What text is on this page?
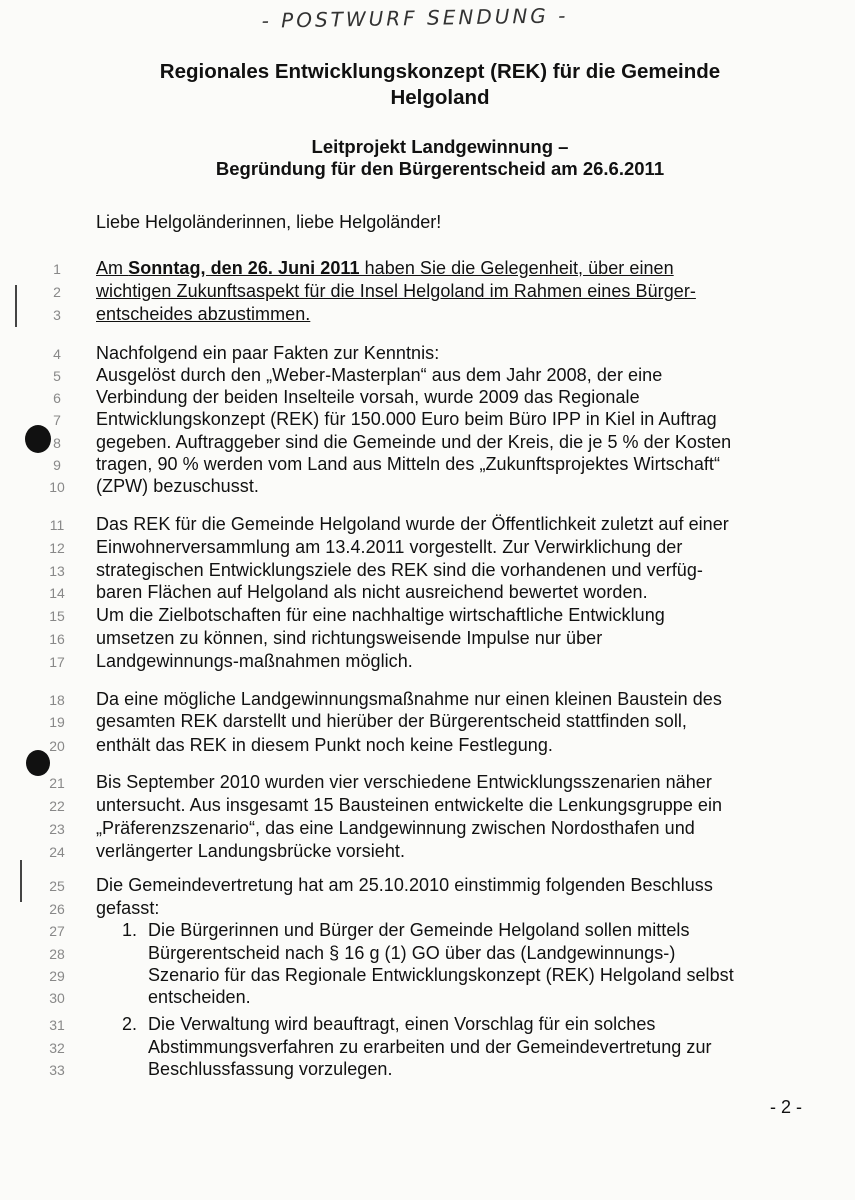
- POSTWURF SENDUNG -
Regionales Entwicklungskonzept (REK) für die Gemeinde
Helgoland
Leitprojekt Landgewinnung –
Begründung für den Bürgerentscheid am 26.6.2011
Liebe Helgoländerinnen, liebe Helgoländer!
1	Am Sonntag, den 26. Juni 2011 haben Sie die Gelegenheit, über einen
2	wichtigen Zukunftsaspekt für die Insel Helgoland im Rahmen eines Bürger-
3	entscheides abzustimmen.
4	Nachfolgend ein paar Fakten zur Kenntnis:
5	Ausgelöst durch den „Weber-Masterplan“ aus dem Jahr 2008, der eine
6	Verbindung der beiden Inselteile vorsah, wurde 2009 das Regionale
7	Entwicklungskonzept (REK) für 150.000 Euro beim Büro IPP in Kiel in Auftrag
8	gegeben. Auftraggeber sind die Gemeinde und der Kreis, die je 5 % der Kosten
9	tragen, 90 % werden vom Land aus Mitteln des „Zukunftsprojektes Wirtschaft“
10	(ZPW) bezuschusst.
11	Das REK für die Gemeinde Helgoland wurde der Öffentlichkeit zuletzt auf einer
12	Einwohnerversammlung am 13.4.2011 vorgestellt. Zur Verwirklichung der
13	strategischen Entwicklungsziele des REK sind die vorhandenen und verfüg-
14	baren Flächen auf Helgoland als nicht ausreichend bewertet worden.
15	Um die Zielbotschaften für eine nachhaltige wirtschaftliche Entwicklung
16	umsetzen zu können, sind richtungsweisende Impulse nur über
17	Landgewinnungs-maßnahmen möglich.
18	Da eine mögliche Landgewinnungsmaßnahme nur einen kleinen Baustein des
19	gesamten REK darstellt und hierüber der Bürgerentscheid stattfinden soll,
20	enthält das REK in diesem Punkt noch keine Festlegung.
21	Bis September 2010 wurden vier verschiedene Entwicklungsszenarien näher
22	untersucht. Aus insgesamt 15 Bausteinen entwickelte die Lenkungsgruppe ein
23	„Präferenzszenario“, das eine Landgewinnung zwischen Nordosthafen und
24	verlängerter Landungsbrücke vorsieht.
25	Die Gemeindevertretung hat am 25.10.2010 einstimmig folgenden Beschluss
26	gefasst:
27	Die Bürgerinnen und Bürger der Gemeinde Helgoland sollen mittels
1.
28	Bürgerentscheid nach § 16 g (1) GO über das (Landgewinnungs-)
29	Szenario für das Regionale Entwicklungskonzept (REK) Helgoland selbst
30	entscheiden.
31	Die Verwaltung wird beauftragt, einen Vorschlag für ein solches
2.
32	Abstimmungsverfahren zu erarbeiten und der Gemeindevertretung zur
33	Beschlussfassung vorzulegen.
- 2 -
